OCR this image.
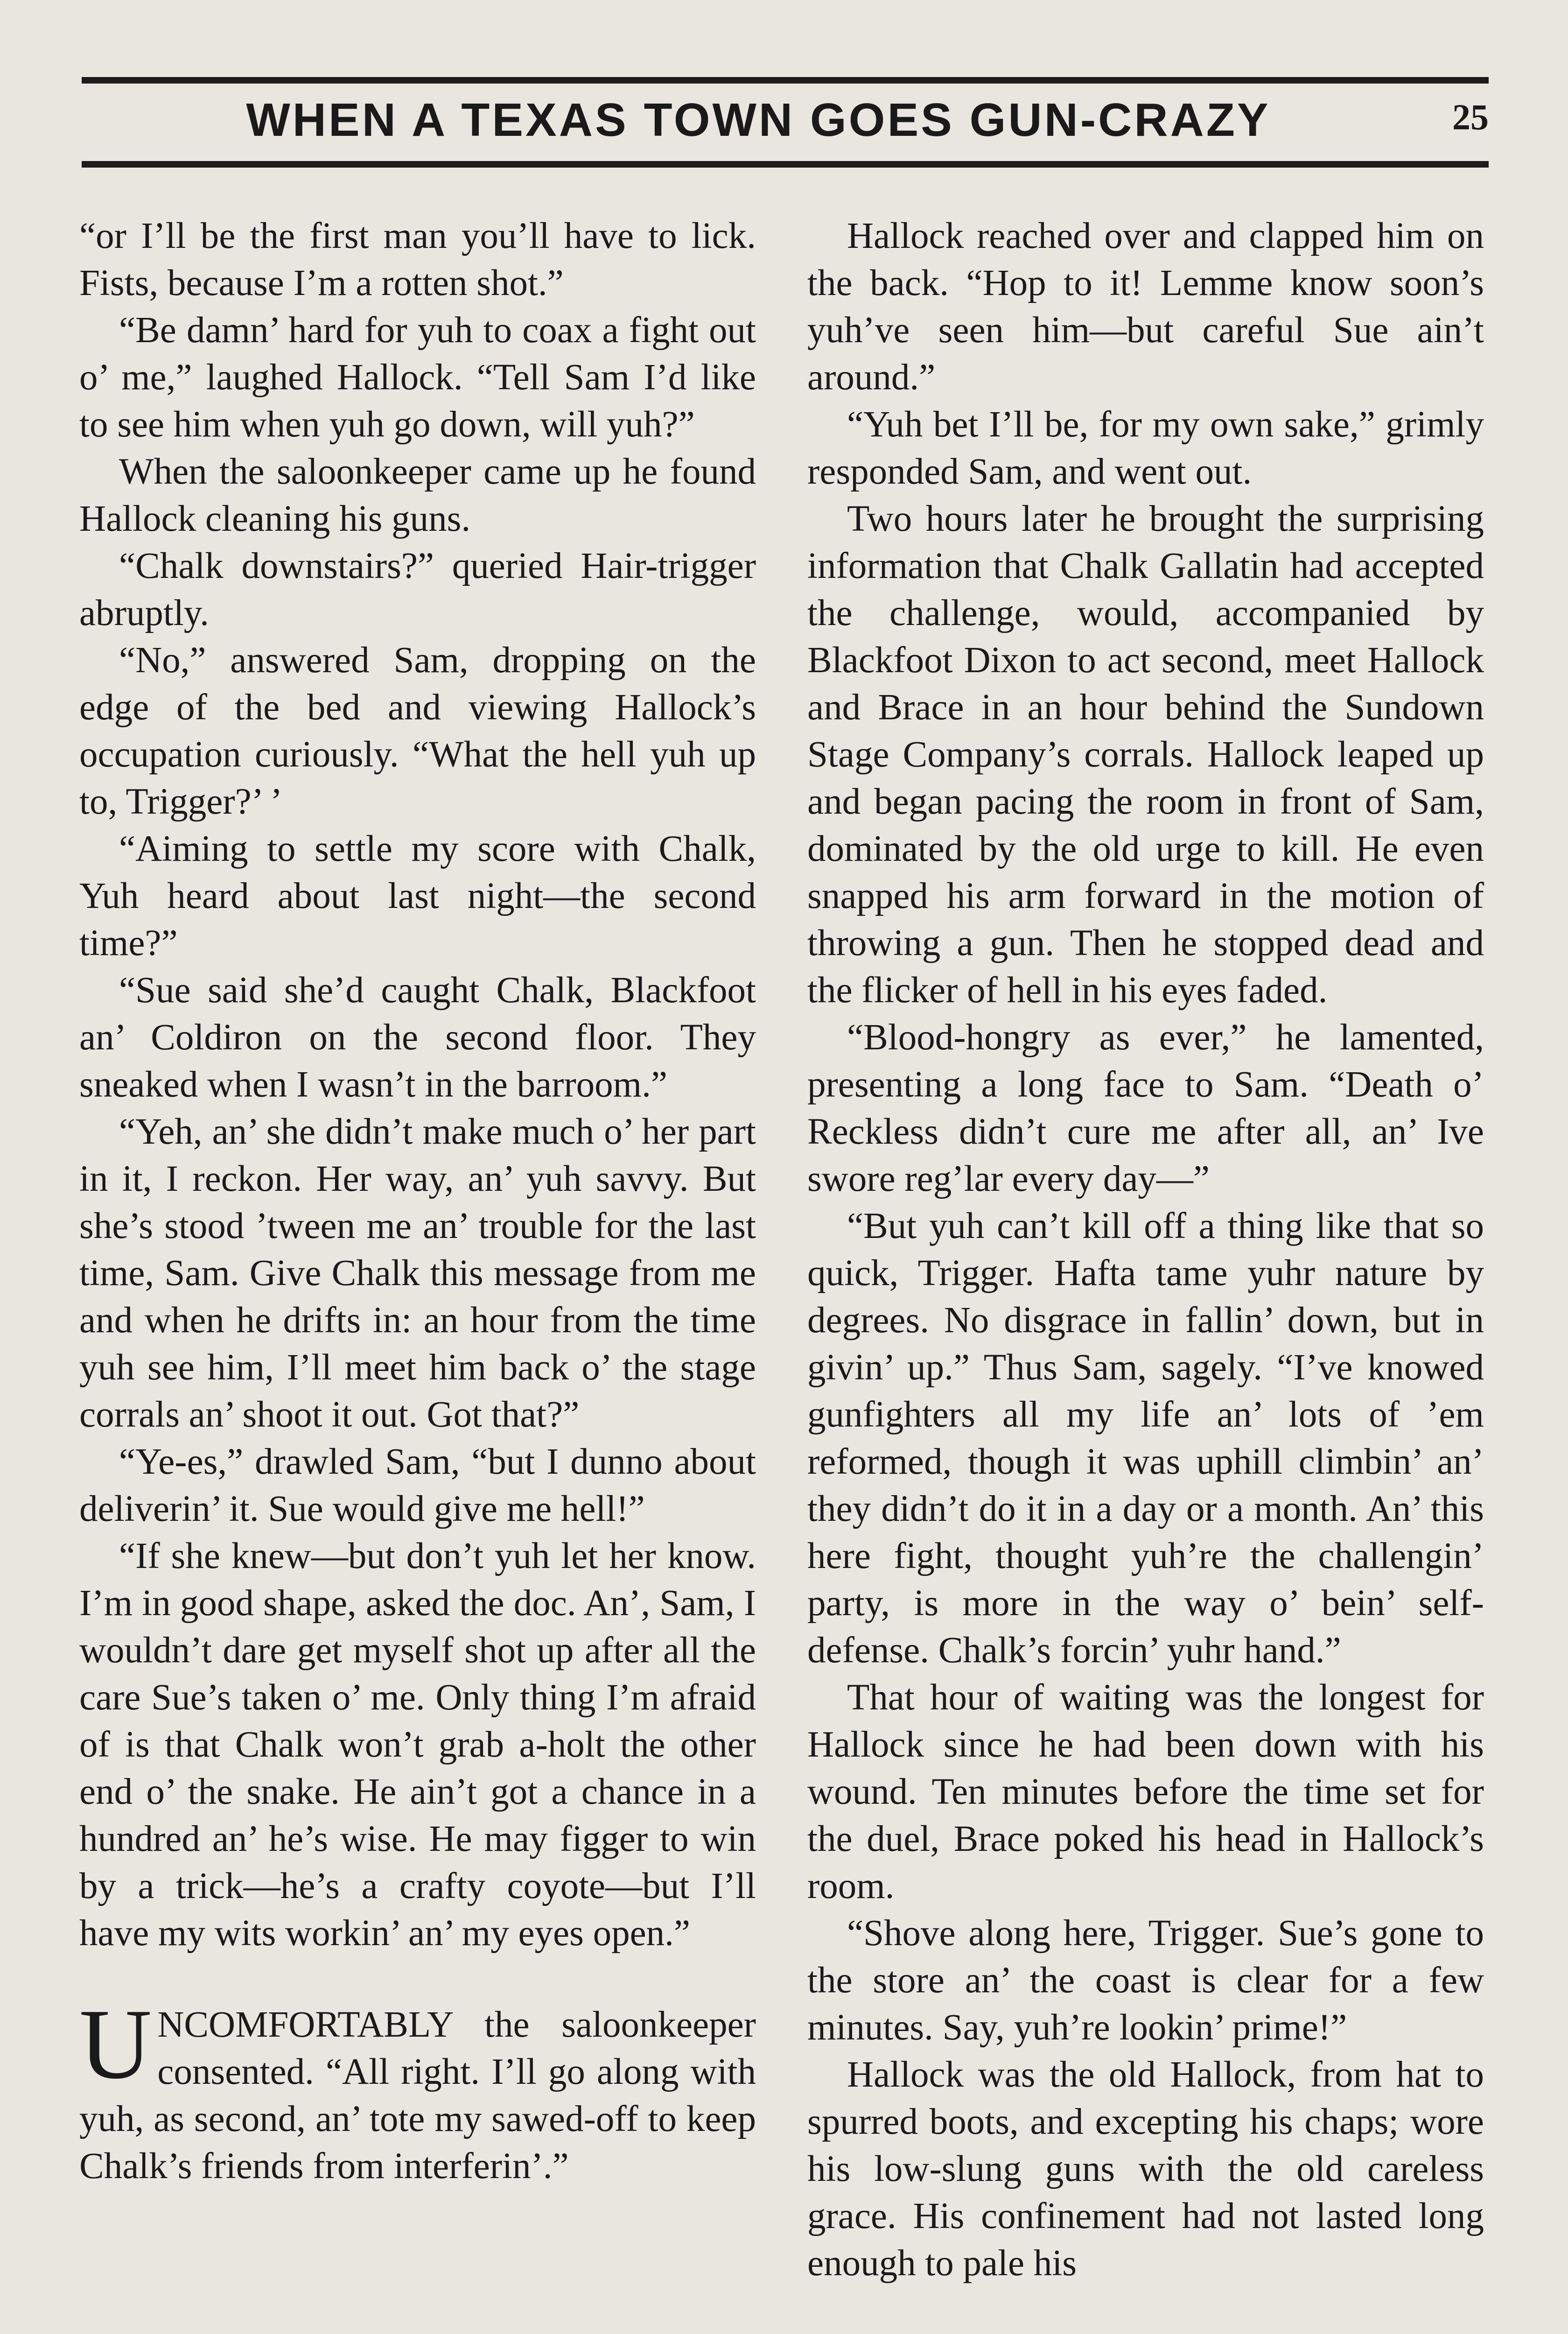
WHEN A TEXAS TOWN GOES GUN-CRAZY	25

“or I’ll be the first man you’ll have to lick. Fists, because I’m a rotten shot.”

“Be damn’ hard for yuh to coax a fight out o’ me,” laughed Hallock. “Tell Sam I’d like to see him when yuh go down, will yuh?”

When the saloonkeeper came up he found Hallock cleaning his guns.

“Chalk downstairs?” queried Hair-trigger abruptly.

“No,” answered Sam, dropping on the edge of the bed and viewing Hallock’s occupation curiously. “What the hell yuh up to, Trigger?’ ’

“Aiming to settle my score with Chalk, Yuh heard about last night—the second time?”

“Sue said she’d caught Chalk, Blackfoot an’ Coldiron on the second floor. They sneaked when I wasn’t in the barroom.”

“Yeh, an’ she didn’t make much o’ her part in it, I reckon. Her way, an’ yuh savvy. But she’s stood ’tween me an’ trouble for the last time, Sam. Give Chalk this message from me and when he drifts in: an hour from the time yuh see him, I’ll meet him back o’ the stage corrals an’ shoot it out. Got that?”

“Ye-es,” drawled Sam, “but I dunno about deliverin’ it. Sue would give me hell!”

“If she knew—but don’t yuh let her know. I’m in good shape, asked the doc. An’, Sam, I wouldn’t dare get myself shot up after all the care Sue’s taken o’ me. Only thing I’m afraid of is that Chalk won’t grab a-holt the other end o’ the snake. He ain’t got a chance in a hundred an’ he’s wise. He may figger to win by a trick—he’s a crafty coyote—but I’ll have my wits workin’ an’ my eyes open.”

UNCOMFORTABLY the saloonkeeper consented. “All right. I’ll go along with yuh, as second, an’ tote my sawed-off to keep Chalk’s friends from interferin’.”

Hallock reached over and clapped him on the back. “Hop to it! Lemme know soon’s yuh’ve seen him—but careful Sue ain’t around.”

“Yuh bet I’ll be, for my own sake,” grimly responded Sam, and went out.

Two hours later he brought the surprising information that Chalk Gallatin had accepted the challenge, would, accompanied by Blackfoot Dixon to act second, meet Hallock and Brace in an hour behind the Sundown Stage Company’s corrals. Hallock leaped up and began pacing the room in front of Sam, dominated by the old urge to kill. He even snapped his arm forward in the motion of throwing a gun. Then he stopped dead and the flicker of hell in his eyes faded.

“Blood-hongry as ever,” he lamented, presenting a long face to Sam. “Death o’ Reckless didn’t cure me after all, an’ Ive swore reg’lar every day—”

“But yuh can’t kill off a thing like that so quick, Trigger. Hafta tame yuhr nature by degrees. No disgrace in fallin’ down, but in givin’ up.” Thus Sam, sagely. “I’ve knowed gunfighters all my life an’ lots of ’em reformed, though it was uphill climbin’ an’ they didn’t do it in a day or a month. An’ this here fight, thought yuh’re the challengin’ party, is more in the way o’ bein’ self-defense. Chalk’s forcin’ yuhr hand.”

That hour of waiting was the longest for Hallock since he had been down with his wound. Ten minutes before the time set for the duel, Brace poked his head in Hallock’s room.

“Shove along here, Trigger. Sue’s gone to the store an’ the coast is clear for a few minutes. Say, yuh’re lookin’ prime!”

Hallock was the old Hallock, from hat to spurred boots, and excepting his chaps; wore his low-slung guns with the old careless grace. His confinement had not lasted long enough to pale his
